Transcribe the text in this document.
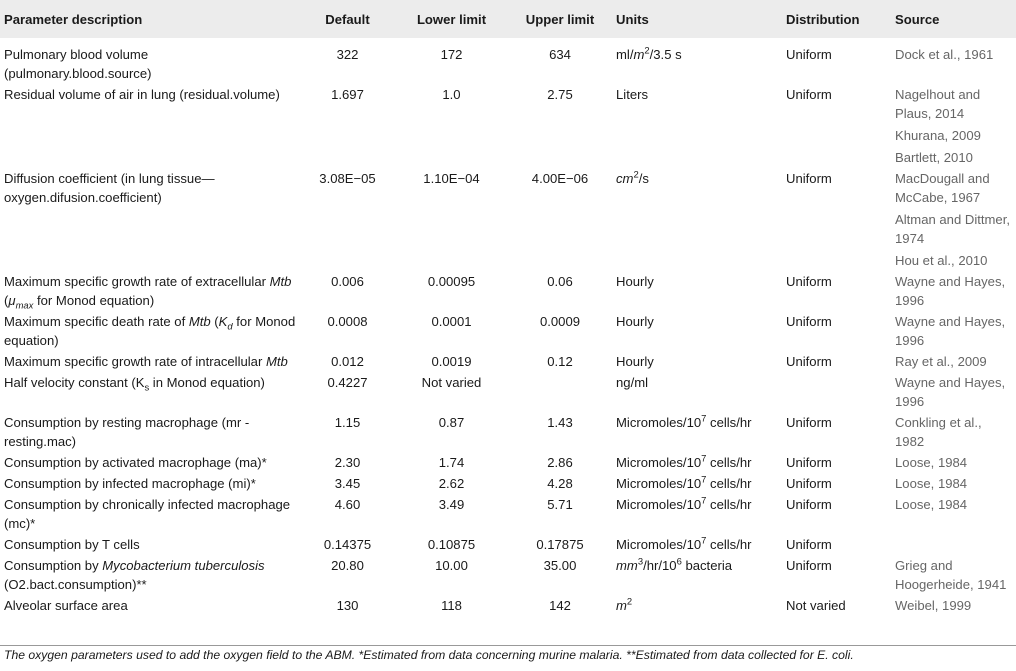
Parameter description	Default	Lower limit	Upper limit	Units	Distribution	Source
Pulmonary blood volume (pulmonary.blood.source)	322	172	634	$ml/m^2/3.5$ s	Uniform	Dock et al., 1961

Residual volume of air in lung (residual.volume)	1.697	1.0	2.75	Liters	Uniform	Nagelhout and Plaus, 2014
Khurana, 2009
Bartlett, 2010

Diffusion coefficient (in lung tissue—oxygen.difusion.coefficient)	3.08E−05	1.10E−04	4.00E−06	$cm^2/s$	Uniform	MacDougall and McCabe, 1967
Altman and Dittmer, 1974
Hou et al., 2010

Maximum specific growth rate of extracellular Mtb ($\mu_{max}$ for Monod equation)	0.006	0.00095	0.06	Hourly	Uniform	Wayne and Hayes, 1996

Maximum specific death rate of Mtb ($K_d$ for Monod equation)	0.0008	0.0001	0.0009	Hourly	Uniform	Wayne and Hayes, 1996

Maximum specific growth rate of intracellular Mtb	0.012	0.0019	0.12	Hourly	Uniform	Ray et al., 2009

Half velocity constant ($K_s$ in Monod equation)	0.4227	Not varied		ng/ml		Wayne and Hayes, 1996

Consumption by resting macrophage (mr - resting.mac)	1.15	0.87	1.43	Micromoles/$10^7$ cells/hr	Uniform	Conkling et al., 1982

Consumption by activated macrophage (ma)*	2.30	1.74	2.86	Micromoles/$10^7$ cells/hr	Uniform	Loose, 1984

Consumption by infected macrophage (mi)*	3.45	2.62	4.28	Micromoles/$10^7$ cells/hr	Uniform	Loose, 1984

Consumption by chronically infected macrophage (mc)*	4.60	3.49	5.71	Micromoles/$10^7$ cells/hr	Uniform	Loose, 1984

Consumption by T cells	0.14375	0.10875	0.17875	Micromoles/$10^7$ cells/hr	Uniform	

Consumption by Mycobacterium tuberculosis (O2.bact.consumption)**	20.80	10.00	35.00	$mm^3/hr/10^6$ bacteria	Uniform	Grieg and Hoogerheide, 1941

Alveolar surface area	130	118	142	$m^2$	Not varied	Weibel, 1999
The oxygen parameters used to add the oxygen field to the ABM. *Estimated from data concerning murine malaria. **Estimated from data collected for E. coli.
